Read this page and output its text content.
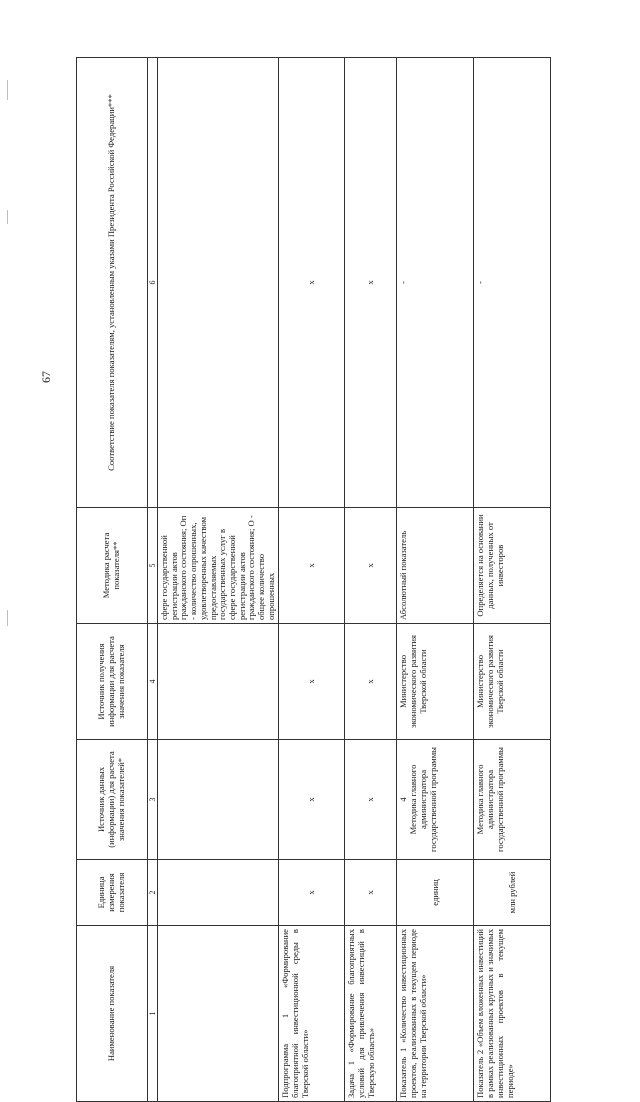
67
Наименование показателя	Единица измерения показателя	Источник данных (информации) для расчета значения показателей*	Источник получения информации для расчета значения показателя	Методика расчета показателя**	Соответствие показателя показателям, установленным указами Президента Российской Федерации***
1	2	3	4	5	6
				сфере государственной регистрации актов гражданского состояния; Оп - количество опрошенных, удовлетворенных качеством предоставляемых государственных услуг в сфере государственной регистрации актов гражданского состояния; О - общее количество опрошенных	
Подпрограмма 1 «Формирование благоприятной инвестиционной среды в Тверской области»	х	х	х	х	х
Задача 1 «Формирование благоприятных условий для привлечения инвестиций в Тверскую область»	х	х	х	х	х
Показатель 1 «Количество инвестиционных проектов, реализованных в текущем периоде на территории Тверской области»	единиц	4 Методика главного администратора государственной программы	Министерство экономического развития Тверской области	Абсолютный показатель	-
Показатель 2 «Объем вложенных инвестиций в рамках реализованных крупных и значимых инвестиционных проектов в текущем периоде»	млн рублей	Методика главного администратора государственной программы	Министерство экономического развития Тверской области	Определяется на основании данных, полученных от инвесторов	-
